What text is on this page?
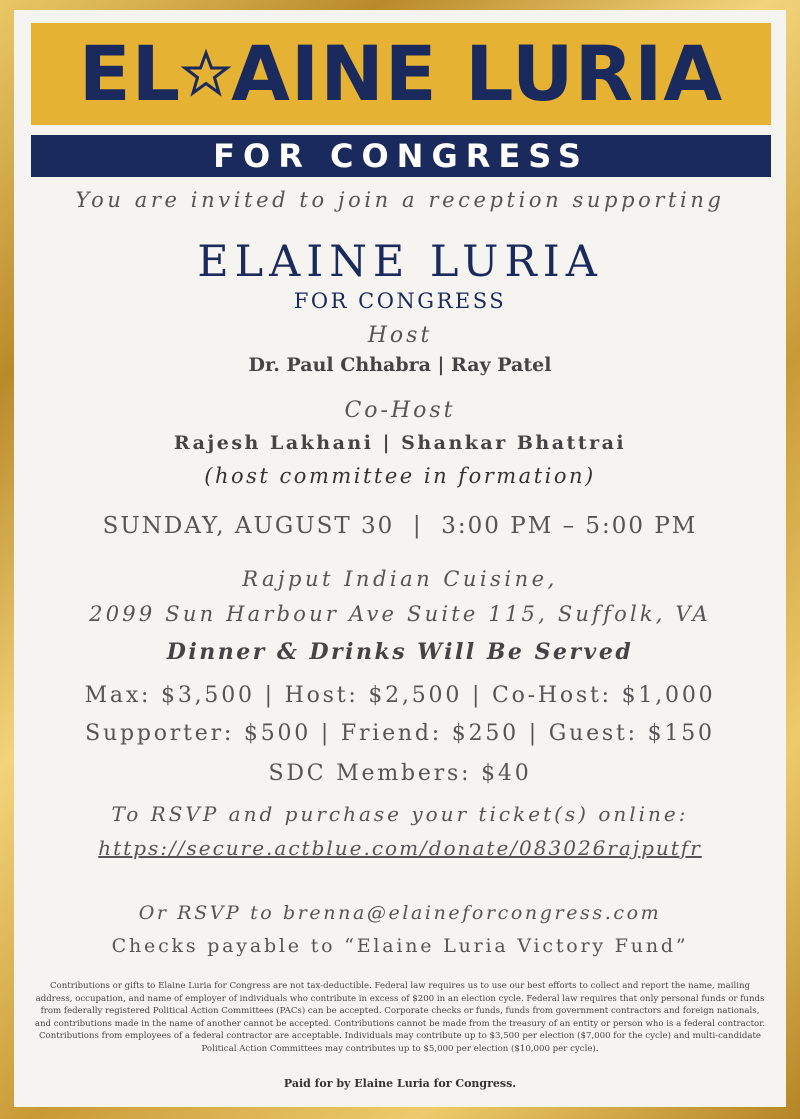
EL AINE LURIA
FOR CONGRESS
You are invited to join a reception supporting
ELAINE LURIA
FOR CONGRESS
Host
Dr. Paul Chhabra | Ray Patel
Co-Host
Rajesh Lakhani | Shankar Bhattrai
(host committee in formation)
SUNDAY, AUGUST 30  |  3:00 PM – 5:00 PM
Rajput Indian Cuisine,
2099 Sun Harbour Ave Suite 115, Suffolk, VA
Dinner & Drinks Will Be Served
Max: $3,500 | Host: $2,500 | Co-Host: $1,000
Supporter: $500 | Friend: $250 | Guest: $150
SDC Members: $40
To RSVP and purchase your ticket(s) online:
https://secure.actblue.com/donate/083026rajputfr
Or RSVP to brenna@elaineforcongress.com
Checks payable to “Elaine Luria Victory Fund”
Contributions or gifts to Elaine Luria for Congress are not tax-deductible. Federal law requires us to use our best efforts to collect and report the name, mailing address, occupation, and name of employer of individuals who contribute in excess of $200 in an election cycle. Federal law requires that only personal funds or funds from federally registered Political Action Committees (PACs) can be accepted. Corporate checks or funds, funds from government contractors and foreign nationals, and contributions made in the name of another cannot be accepted. Contributions cannot be made from the treasury of an entity or person who is a federal contractor. Contributions from employees of a federal contractor are acceptable. Individuals may contribute up to $3,500 per election ($7,000 for the cycle) and multi-candidate Political Action Committees may contributes up to $5,000 per election ($10,000 per cycle).
Paid for by Elaine Luria for Congress.
